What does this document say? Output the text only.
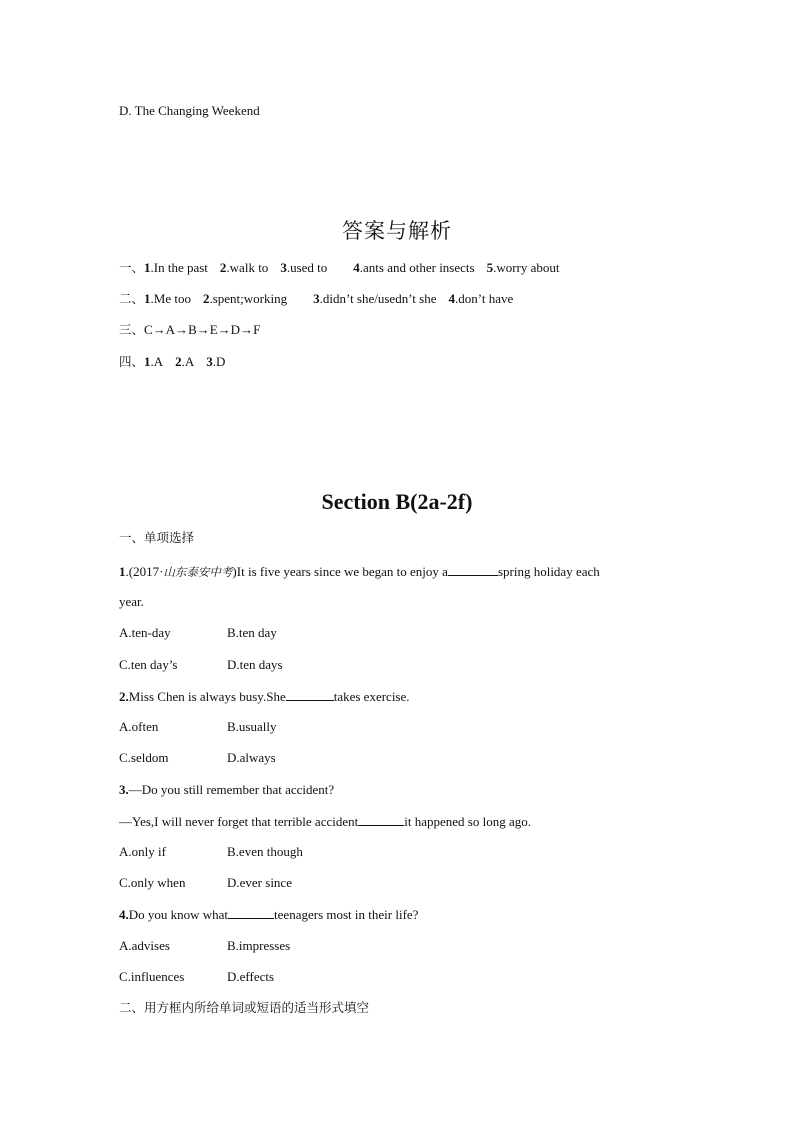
D. The Changing Weekend
答案与解析
一、1.In the past 2.walk to 3.used to 4.ants and other insects 5.worry about
二、1.Me too 2.spent;working 3.didn’t she/usedn’t she 4.don’t have
三、C→A→B→E→D→F
四、1.A 2.A 3.D
Section B(2a-2f)
一、单项选择
1.(2017·山东泰安中考)It is five years since we began to enjoy a	spring holiday each
year.
A.ten-day	B.ten day
C.ten day’s	D.ten days
2.Miss Chen is always busy.She	takes exercise.
A.often	B.usually
C.seldom	D.always
3.—Do you still remember that accident?
—Yes,I will never forget that terrible accident	it happened so long ago.
A.only if	B.even though
C.only when	D.ever since
4.Do you know what	teenagers most in their life?
A.advises	B.impresses
C.influences	D.effects
二、用方框内所给单词或短语的适当形式填空
